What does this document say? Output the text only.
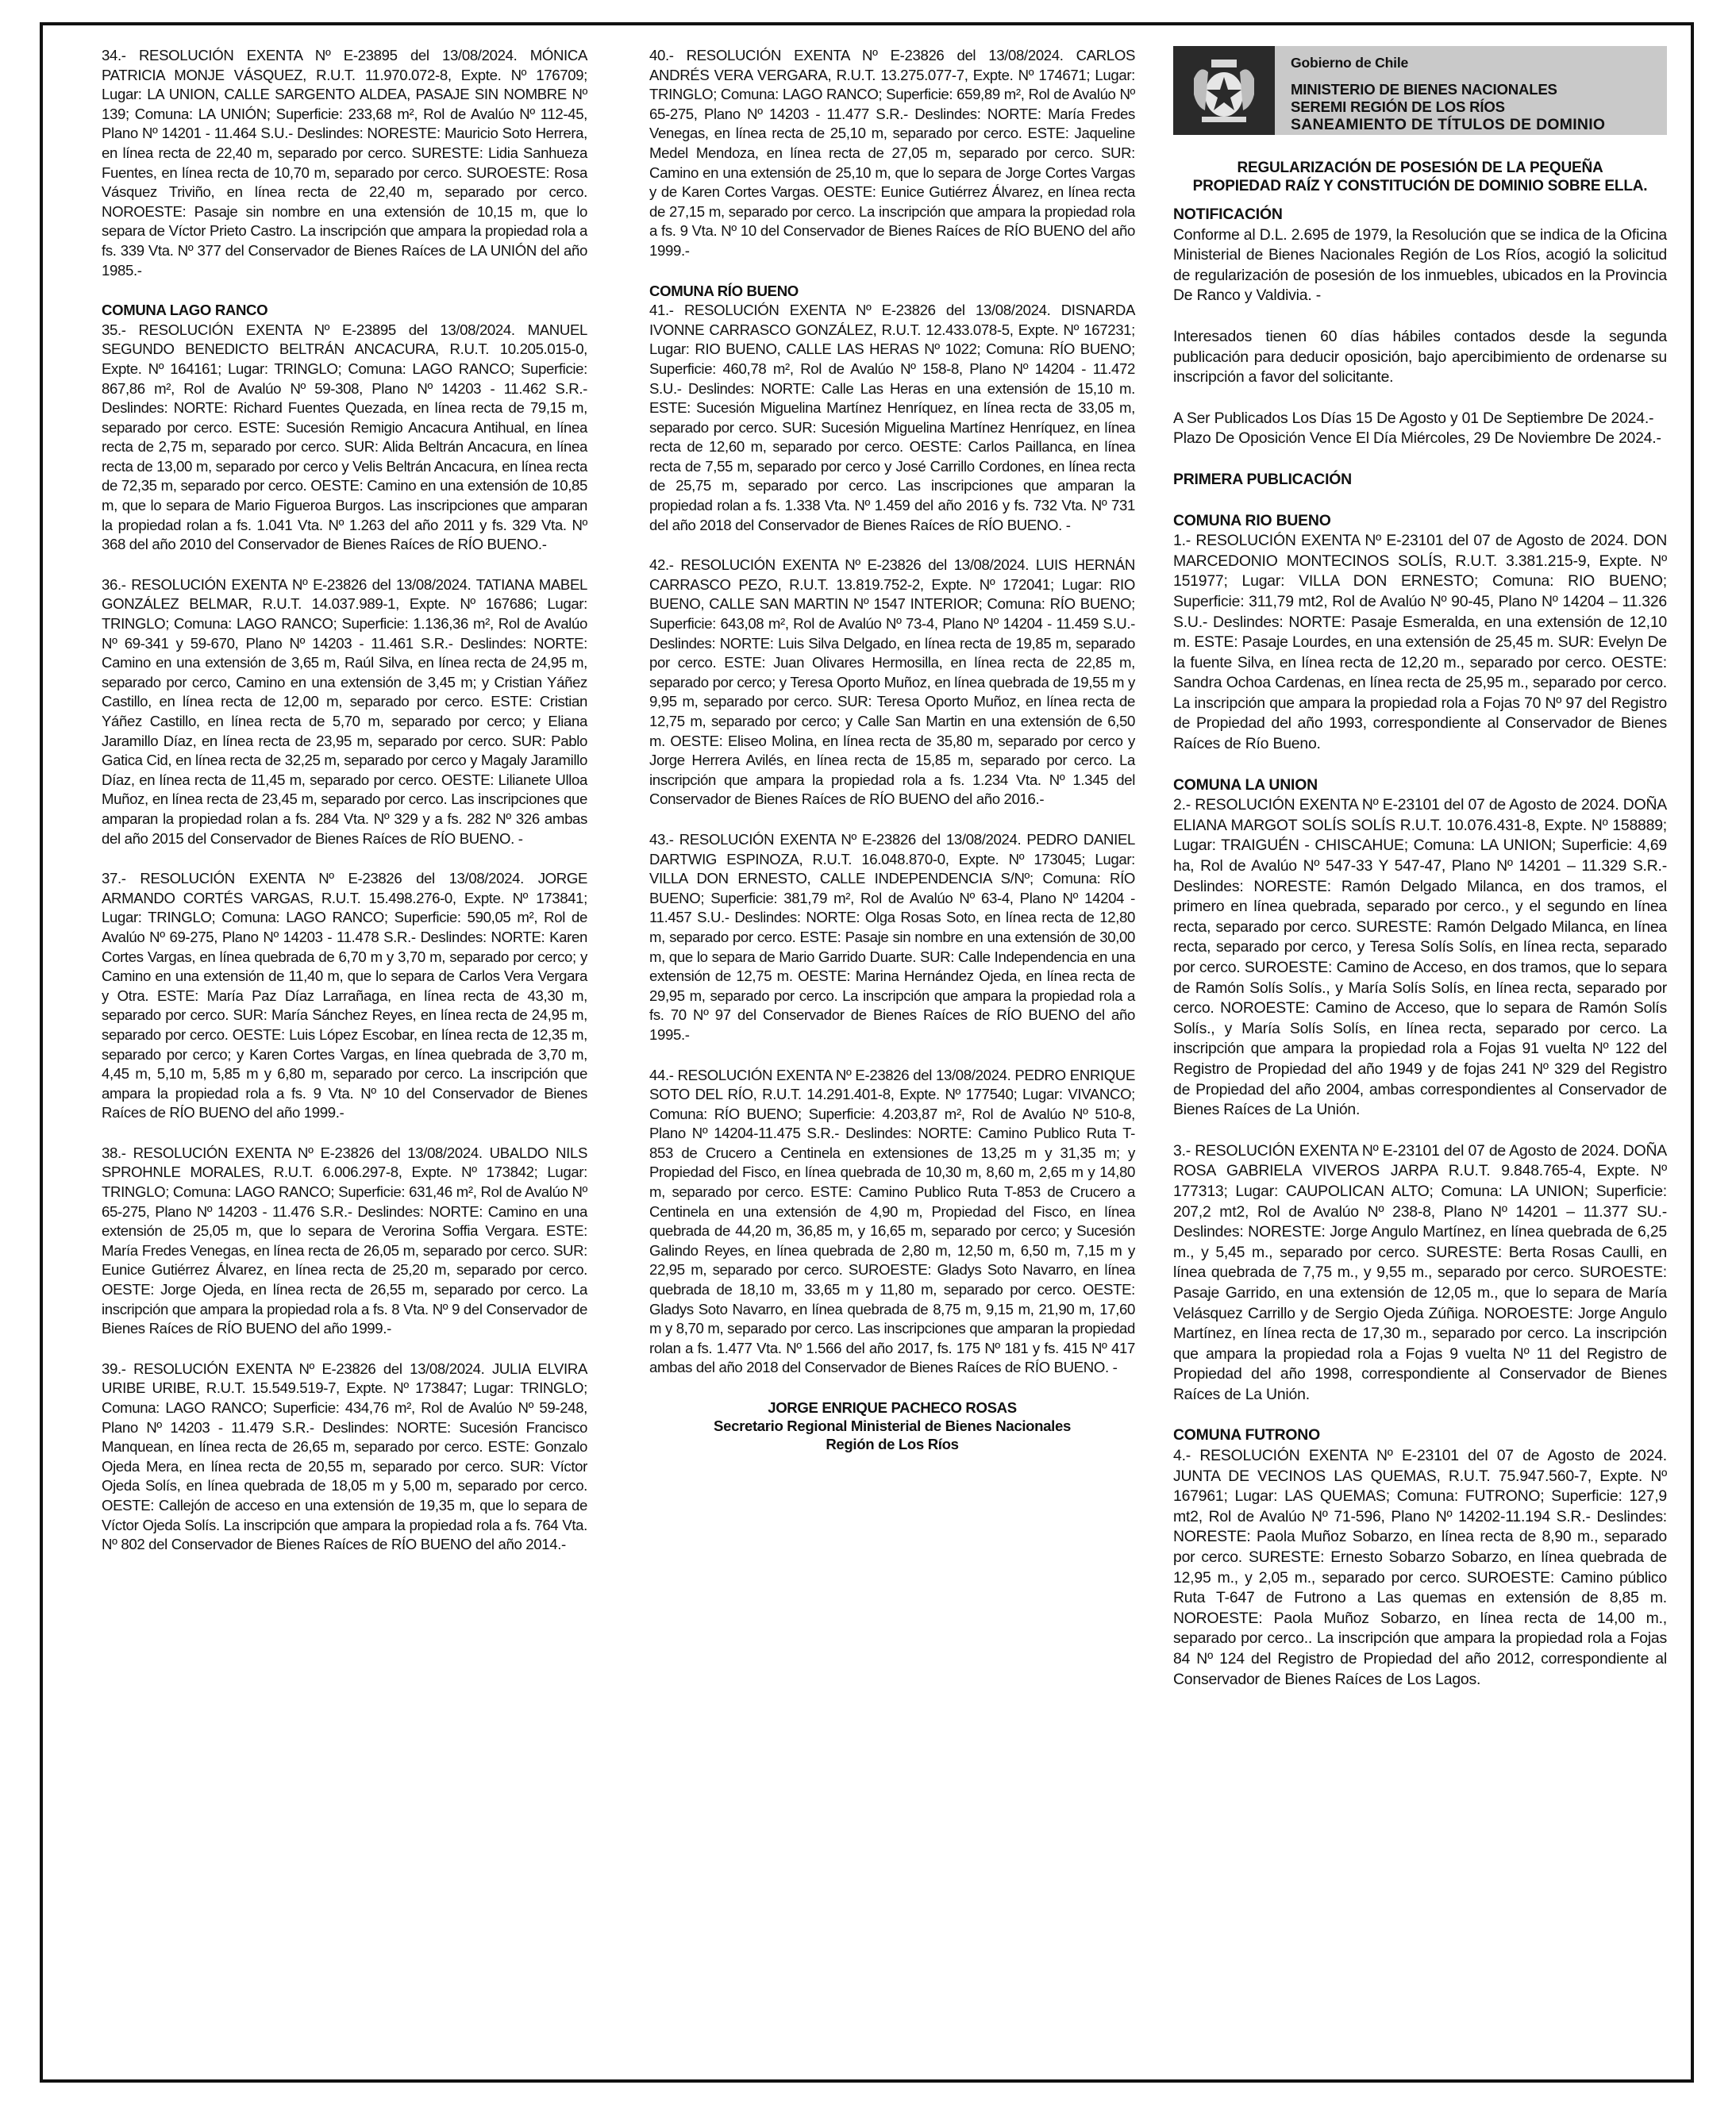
34.- RESOLUCIÓN EXENTA Nº E-23895 del 13/08/2024. MÓNICA PATRICIA MONJE VÁSQUEZ, R.U.T. 11.970.072-8, Expte. Nº 176709; Lugar: LA UNION, CALLE SARGENTO ALDEA, PASAJE SIN NOMBRE Nº 139; Comuna: LA UNIÓN; Superficie: 233,68 m², Rol de Avalúo Nº 112-45, Plano Nº 14201 - 11.464 S.U.- Deslindes: NORESTE: Mauricio Soto Herrera, en línea recta de 22,40 m, separado por cerco. SURESTE: Lidia Sanhueza Fuentes, en línea recta de 10,70 m, separado por cerco. SUROESTE: Rosa Vásquez Triviño, en línea recta de 22,40 m, separado por cerco. NOROESTE: Pasaje sin nombre en una extensión de 10,15 m, que lo separa de Víctor Prieto Castro. La inscripción que ampara la propiedad rola a fs. 339 Vta. Nº 377 del Conservador de Bienes Raíces de LA UNIÓN del año 1985.-

COMUNA LAGO RANCO

35.- RESOLUCIÓN EXENTA Nº E-23895 del 13/08/2024. MANUEL SEGUNDO BENEDICTO BELTRÁN ANCACURA, R.U.T. 10.205.015-0, Expte. Nº 164161; Lugar: TRINGLO; Comuna: LAGO RANCO; Superficie: 867,86 m², Rol de Avalúo Nº 59-308, Plano Nº 14203 - 11.462 S.R.- Deslindes: NORTE: Richard Fuentes Quezada, en línea recta de 79,15 m, separado por cerco. ESTE: Sucesión Remigio Ancacura Antihual, en línea recta de 2,75 m, separado por cerco. SUR: Alida Beltrán Ancacura, en línea recta de 13,00 m, separado por cerco y Velis Beltrán Ancacura, en línea recta de 72,35 m, separado por cerco. OESTE: Camino en una extensión de 10,85 m, que lo separa de Mario Figueroa Burgos. Las inscripciones que amparan la propiedad rolan a fs. 1.041 Vta. Nº 1.263 del año 2011 y fs. 329 Vta. Nº 368 del año 2010 del Conservador de Bienes Raíces de RÍO BUENO.-

36.- RESOLUCIÓN EXENTA Nº E-23826 del 13/08/2024. TATIANA MABEL GONZÁLEZ BELMAR, R.U.T. 14.037.989-1, Expte. Nº 167686; Lugar: TRINGLO; Comuna: LAGO RANCO; Superficie: 1.136,36 m², Rol de Avalúo Nº 69-341 y 59-670, Plano Nº 14203 - 11.461 S.R.- Deslindes: NORTE: Camino en una extensión de 3,65 m, Raúl Silva, en línea recta de 24,95 m, separado por cerco, Camino en una extensión de 3,45 m; y Cristian Yáñez Castillo, en línea recta de 12,00 m, separado por cerco. ESTE: Cristian Yáñez Castillo, en línea recta de 5,70 m, separado por cerco; y Eliana Jaramillo Díaz, en línea recta de 23,95 m, separado por cerco. SUR: Pablo Gatica Cid, en línea recta de 32,25 m, separado por cerco y Magaly Jaramillo Díaz, en línea recta de 11,45 m, separado por cerco. OESTE: Lilianete Ulloa Muñoz, en línea recta de 23,45 m, separado por cerco. Las inscripciones que amparan la propiedad rolan a fs. 284 Vta. Nº 329 y a fs. 282 Nº 326 ambas del año 2015 del Conservador de Bienes Raíces de RÍO BUENO. -

37.- RESOLUCIÓN EXENTA Nº E-23826 del 13/08/2024. JORGE ARMANDO CORTÉS VARGAS, R.U.T. 15.498.276-0, Expte. Nº 173841; Lugar: TRINGLO; Comuna: LAGO RANCO; Superficie: 590,05 m², Rol de Avalúo Nº 69-275, Plano Nº 14203 - 11.478 S.R.- Deslindes: NORTE: Karen Cortes Vargas, en línea quebrada de 6,70 m y 3,70 m, separado por cerco; y Camino en una extensión de 11,40 m, que lo separa de Carlos Vera Vergara y Otra. ESTE: María Paz Díaz Larrañaga, en línea recta de 43,30 m, separado por cerco. SUR: María Sánchez Reyes, en línea recta de 24,95 m, separado por cerco. OESTE: Luis López Escobar, en línea recta de 12,35 m, separado por cerco; y Karen Cortes Vargas, en línea quebrada de 3,70 m, 4,45 m, 5,10 m, 5,85 m y 6,80 m, separado por cerco. La inscripción que ampara la propiedad rola a fs. 9 Vta. Nº 10 del Conservador de Bienes Raíces de RÍO BUENO del año 1999.-

38.- RESOLUCIÓN EXENTA Nº E-23826 del 13/08/2024. UBALDO NILS SPROHNLE MORALES, R.U.T. 6.006.297-8, Expte. Nº 173842; Lugar: TRINGLO; Comuna: LAGO RANCO; Superficie: 631,46 m², Rol de Avalúo Nº 65-275, Plano Nº 14203 - 11.476 S.R.- Deslindes: NORTE: Camino en una extensión de 25,05 m, que lo separa de Verorina Soffia Vergara. ESTE: María Fredes Venegas, en línea recta de 26,05 m, separado por cerco. SUR: Eunice Gutiérrez Álvarez, en línea recta de 25,20 m, separado por cerco. OESTE: Jorge Ojeda, en línea recta de 26,55 m, separado por cerco. La inscripción que ampara la propiedad rola a fs. 8 Vta. Nº 9 del Conservador de Bienes Raíces de RÍO BUENO del año 1999.-

39.- RESOLUCIÓN EXENTA Nº E-23826 del 13/08/2024. JULIA ELVIRA URIBE URIBE, R.U.T. 15.549.519-7, Expte. Nº 173847; Lugar: TRINGLO; Comuna: LAGO RANCO; Superficie: 434,76 m², Rol de Avalúo Nº 59-248, Plano Nº 14203 - 11.479 S.R.- Deslindes: NORTE: Sucesión Francisco Manquean, en línea recta de 26,65 m, separado por cerco. ESTE: Gonzalo Ojeda Mera, en línea recta de 20,55 m, separado por cerco. SUR: Víctor Ojeda Solís, en línea quebrada de 18,05 m y 5,00 m, separado por cerco. OESTE: Callejón de acceso en una extensión de 19,35 m, que lo separa de Víctor Ojeda Solís. La inscripción que ampara la propiedad rola a fs. 764 Vta. Nº 802 del Conservador de Bienes Raíces de RÍO BUENO del año 2014.-

40.- RESOLUCIÓN EXENTA Nº E-23826 del 13/08/2024. CARLOS ANDRÉS VERA VERGARA, R.U.T. 13.275.077-7, Expte. Nº 174671; Lugar: TRINGLO; Comuna: LAGO RANCO; Superficie: 659,89 m², Rol de Avalúo Nº 65-275, Plano Nº 14203 - 11.477 S.R.- Deslindes: NORTE: María Fredes Venegas, en línea recta de 25,10 m, separado por cerco. ESTE: Jaqueline Medel Mendoza, en línea recta de 27,05 m, separado por cerco. SUR: Camino en una extensión de 25,10 m, que lo separa de Jorge Cortes Vargas y de Karen Cortes Vargas. OESTE: Eunice Gutiérrez Álvarez, en línea recta de 27,15 m, separado por cerco. La inscripción que ampara la propiedad rola a fs. 9 Vta. Nº 10 del Conservador de Bienes Raíces de RÍO BUENO del año 1999.-

COMUNA RÍO BUENO

41.- RESOLUCIÓN EXENTA Nº E-23826 del 13/08/2024. DISNARDA IVONNE CARRASCO GONZÁLEZ, R.U.T. 12.433.078-5, Expte. Nº 167231; Lugar: RIO BUENO, CALLE LAS HERAS Nº 1022; Comuna: RÍO BUENO; Superficie: 460,78 m², Rol de Avalúo Nº 158-8, Plano Nº 14204 - 11.472 S.U.- Deslindes: NORTE: Calle Las Heras en una extensión de 15,10 m. ESTE: Sucesión Miguelina Martínez Henríquez, en línea recta de 33,05 m, separado por cerco. SUR: Sucesión Miguelina Martínez Henríquez, en línea recta de 12,60 m, separado por cerco. OESTE: Carlos Paillanca, en línea recta de 7,55 m, separado por cerco y José Carrillo Cordones, en línea recta de 25,75 m, separado por cerco. Las inscripciones que amparan la propiedad rolan a fs. 1.338 Vta. Nº 1.459 del año 2016 y fs. 732 Vta. Nº 731 del año 2018 del Conservador de Bienes Raíces de RÍO BUENO. -

42.- RESOLUCIÓN EXENTA Nº E-23826 del 13/08/2024. LUIS HERNÁN CARRASCO PEZO, R.U.T. 13.819.752-2, Expte. Nº 172041; Lugar: RIO BUENO, CALLE SAN MARTIN Nº 1547 INTERIOR; Comuna: RÍO BUENO; Superficie: 643,08 m², Rol de Avalúo Nº 73-4, Plano Nº 14204 - 11.459 S.U.- Deslindes: NORTE: Luis Silva Delgado, en línea recta de 19,85 m, separado por cerco. ESTE: Juan Olivares Hermosilla, en línea recta de 22,85 m, separado por cerco; y Teresa Oporto Muñoz, en línea quebrada de 19,55 m y 9,95 m, separado por cerco. SUR: Teresa Oporto Muñoz, en línea recta de 12,75 m, separado por cerco; y Calle San Martin en una extensión de 6,50 m. OESTE: Eliseo Molina, en línea recta de 35,80 m, separado por cerco y Jorge Herrera Avilés, en línea recta de 15,85 m, separado por cerco. La inscripción que ampara la propiedad rola a fs. 1.234 Vta. Nº 1.345 del Conservador de Bienes Raíces de RÍO BUENO del año 2016.-

43.- RESOLUCIÓN EXENTA Nº E-23826 del 13/08/2024. PEDRO DANIEL DARTWIG ESPINOZA, R.U.T. 16.048.870-0, Expte. Nº 173045; Lugar: VILLA DON ERNESTO, CALLE INDEPENDENCIA S/Nº; Comuna: RÍO BUENO; Superficie: 381,79 m², Rol de Avalúo Nº 63-4, Plano Nº 14204 - 11.457 S.U.- Deslindes: NORTE: Olga Rosas Soto, en línea recta de 12,80 m, separado por cerco. ESTE: Pasaje sin nombre en una extensión de 30,00 m, que lo separa de Mario Garrido Duarte. SUR: Calle Independencia en una extensión de 12,75 m. OESTE: Marina Hernández Ojeda, en línea recta de 29,95 m, separado por cerco. La inscripción que ampara la propiedad rola a fs. 70 Nº 97 del Conservador de Bienes Raíces de RÍO BUENO del año 1995.-

44.- RESOLUCIÓN EXENTA Nº E-23826 del 13/08/2024. PEDRO ENRIQUE SOTO DEL RÍO, R.U.T. 14.291.401-8, Expte. Nº 177540; Lugar: VIVANCO; Comuna: RÍO BUENO; Superficie: 4.203,87 m², Rol de Avalúo Nº 510-8, Plano Nº 14204-11.475 S.R.- Deslindes: NORTE: Camino Publico Ruta T-853 de Crucero a Centinela en extensiones de 13,25 m y 31,35 m; y Propiedad del Fisco, en línea quebrada de 10,30 m, 8,60 m, 2,65 m y 14,80 m, separado por cerco. ESTE: Camino Publico Ruta T-853 de Crucero a Centinela en una extensión de 4,90 m, Propiedad del Fisco, en línea quebrada de 44,20 m, 36,85 m, y 16,65 m, separado por cerco; y Sucesión Galindo Reyes, en línea quebrada de 2,80 m, 12,50 m, 6,50 m, 7,15 m y 22,95 m, separado por cerco. SUROESTE: Gladys Soto Navarro, en línea quebrada de 18,10 m, 33,65 m y 11,80 m, separado por cerco. OESTE: Gladys Soto Navarro, en línea quebrada de 8,75 m, 9,15 m, 21,90 m, 17,60 m y 8,70 m, separado por cerco. Las inscripciones que amparan la propiedad rolan a fs. 1.477 Vta. Nº 1.566 del año 2017, fs. 175 Nº 181 y fs. 415 Nº 417 ambas del año 2018 del Conservador de Bienes Raíces de RÍO BUENO. -

JORGE ENRIQUE PACHECO ROSAS
Secretario Regional Ministerial de Bienes Nacionales
Región de Los Ríos
Gobierno de Chile
MINISTERIO DE BIENES NACIONALES
SEREMI REGIÓN DE LOS RÍOS
SANEAMIENTO DE TÍTULOS DE DOMINIO
REGULARIZACIÓN DE POSESIÓN DE LA PEQUEÑA
PROPIEDAD RAÍZ Y CONSTITUCIÓN DE DOMINIO SOBRE ELLA.

NOTIFICACIÓN

Conforme al D.L. 2.695 de 1979, la Resolución que se indica de la Oficina Ministerial de Bienes Nacionales Región de Los Ríos, acogió la solicitud de regularización de posesión de los inmuebles, ubicados en la Provincia De Ranco y Valdivia. -

Interesados tienen 60 días hábiles contados desde la segunda publicación para deducir oposición, bajo apercibimiento de ordenarse su inscripción a favor del solicitante.

A Ser Publicados Los Días 15 De Agosto y 01 De Septiembre De 2024.-

Plazo De Oposición Vence El Día Miércoles, 29 De Noviembre De 2024.-

PRIMERA PUBLICACIÓN

COMUNA RIO BUENO

1.- RESOLUCIÓN EXENTA Nº E-23101 del 07 de Agosto de 2024. DON MARCEDONIO MONTECINOS SOLÍS, R.U.T. 3.381.215-9, Expte. Nº 151977; Lugar: VILLA DON ERNESTO; Comuna: RIO BUENO; Superficie: 311,79 mt2, Rol de Avalúo Nº 90-45, Plano Nº 14204 – 11.326 S.U.- Deslindes: NORTE: Pasaje Esmeralda, en una extensión de 12,10 m. ESTE: Pasaje Lourdes, en una extensión de 25,45 m. SUR: Evelyn De la fuente Silva, en línea recta de 12,20 m., separado por cerco. OESTE: Sandra Ochoa Cardenas, en línea recta de 25,95 m., separado por cerco. La inscripción que ampara la propiedad rola a Fojas 70 Nº 97 del Registro de Propiedad del año 1993, correspondiente al Conservador de Bienes Raíces de Río Bueno.

COMUNA LA UNION

2.- RESOLUCIÓN EXENTA Nº E-23101 del 07 de Agosto de 2024. DOÑA ELIANA MARGOT SOLÍS SOLÍS R.U.T. 10.076.431-8, Expte. Nº 158889; Lugar: TRAIGUÉN - CHISCAHUE; Comuna: LA UNION; Superficie: 4,69 ha, Rol de Avalúo Nº 547-33 Y 547-47, Plano Nº 14201 – 11.329 S.R.- Deslindes: NORESTE: Ramón Delgado Milanca, en dos tramos, el primero en línea quebrada, separado por cerco., y el segundo en línea recta, separado por cerco. SURESTE: Ramón Delgado Milanca, en línea recta, separado por cerco, y Teresa Solís Solís, en línea recta, separado por cerco. SUROESTE: Camino de Acceso, en dos tramos, que lo separa de Ramón Solís Solís., y María Solís Solís, en línea recta, separado por cerco. NOROESTE: Camino de Acceso, que lo separa de Ramón Solís Solís., y María Solís Solís, en línea recta, separado por cerco. La inscripción que ampara la propiedad rola a Fojas 91 vuelta Nº 122 del Registro de Propiedad del año 1949 y de fojas 241 Nº 329 del Registro de Propiedad del año 2004, ambas correspondientes al Conservador de Bienes Raíces de La Unión.

3.- RESOLUCIÓN EXENTA Nº E-23101 del 07 de Agosto de 2024. DOÑA ROSA GABRIELA VIVEROS JARPA R.U.T. 9.848.765-4, Expte. Nº 177313; Lugar: CAUPOLICAN ALTO; Comuna: LA UNION; Superficie: 207,2 mt2, Rol de Avalúo Nº 238-8, Plano Nº 14201 – 11.377 SU.- Deslindes: NORESTE: Jorge Angulo Martínez, en línea quebrada de 6,25 m., y 5,45 m., separado por cerco. SURESTE: Berta Rosas Caulli, en línea quebrada de 7,75 m., y 9,55 m., separado por cerco. SUROESTE: Pasaje Garrido, en una extensión de 12,05 m., que lo separa de María Velásquez Carrillo y de Sergio Ojeda Zúñiga. NOROESTE: Jorge Angulo Martínez, en línea recta de 17,30 m., separado por cerco. La inscripción que ampara la propiedad rola a Fojas 9 vuelta Nº 11 del Registro de Propiedad del año 1998, correspondiente al Conservador de Bienes Raíces de La Unión.

COMUNA FUTRONO

4.- RESOLUCIÓN EXENTA Nº E-23101 del 07 de Agosto de 2024. JUNTA DE VECINOS LAS QUEMAS, R.U.T. 75.947.560-7, Expte. Nº 167961; Lugar: LAS QUEMAS; Comuna: FUTRONO; Superficie: 127,9 mt2, Rol de Avalúo Nº 71-596, Plano Nº 14202-11.194 S.R.- Deslindes: NORESTE: Paola Muñoz Sobarzo, en línea recta de 8,90 m., separado por cerco. SURESTE: Ernesto Sobarzo Sobarzo, en línea quebrada de 12,95 m., y 2,05 m., separado por cerco. SUROESTE: Camino público Ruta T-647 de Futrono a Las quemas en extensión de 8,85 m. NOROESTE: Paola Muñoz Sobarzo, en línea recta de 14,00 m., separado por cerco.. La inscripción que ampara la propiedad rola a Fojas 84 Nº 124 del Registro de Propiedad del año 2012, correspondiente al Conservador de Bienes Raíces de Los Lagos.
